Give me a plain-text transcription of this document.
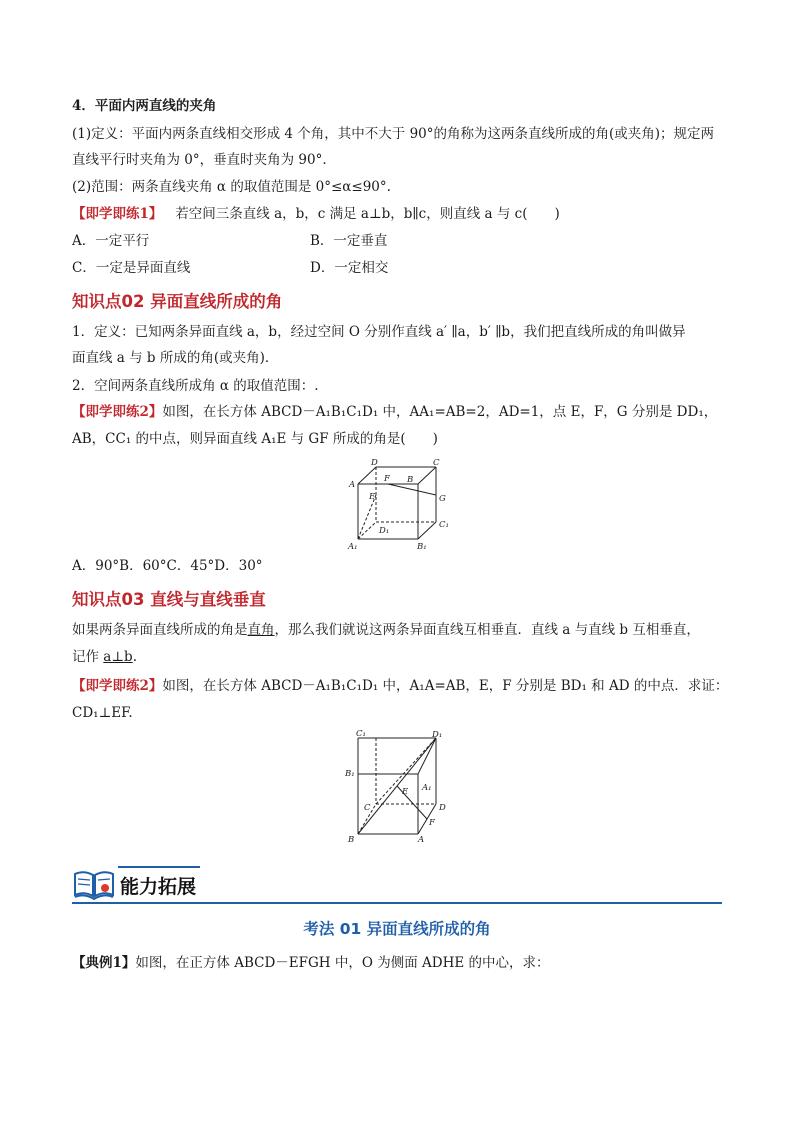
4．平面内两直线的夹角
(1)定义：平面内两条直线相交形成 4 个角，其中不大于 90°的角称为这两条直线所成的角(或夹角)；规定两
直线平行时夹角为 0°，垂直时夹角为 90°.
(2)范围：两条直线夹角 α 的取值范围是 0°≤α≤90°.
【即学即练1】 若空间三条直线 a，b，c 满足 a⊥b，b∥c，则直线 a 与 c(　　)
A．一定平行	B．一定垂直
C．一定是异面直线	D．一定相交
知识点02 异面直线所成的角
1．定义：已知两条异面直线 a，b，经过空间 O 分别作直线 a′ ∥a，b′ ∥b，我们把直线所成的角叫做异
面直线 a 与 b 所成的角(或夹角)．
2．空间两条直线所成角 α 的取值范围：.
【即学即练2】如图，在长方体 ABCD－A₁B₁C₁D₁ 中，AA₁=AB=2，AD=1，点 E，F，G 分别是 DD₁，
AB，CC₁ 的中点，则异面直线 A₁E 与 GF 所成的角是(　　)
D	C
A
F B
E	G
D₁
C₁
A₁	B₁
A．90°B．60°C．45°D．30°
知识点03 直线与直线垂直
如果两条异面直线所成的角是直角，那么我们就说这两条异面直线互相垂直．直线 a 与直线 b 互相垂直，
记作 a⊥b.
【即学即练2】如图，在长方体 ABCD－A₁B₁C₁D₁ 中，A₁A=AB，E，F 分别是 BD₁ 和 AD 的中点．求证：
CD₁⊥EF.
C₁	D₁
B₁
A₁
E
C	D
F
B	A
能力拓展
考法 01 异面直线所成的角
【典例1】如图，在正方体 ABCD－EFGH 中，O 为侧面 ADHE 的中心，求：
